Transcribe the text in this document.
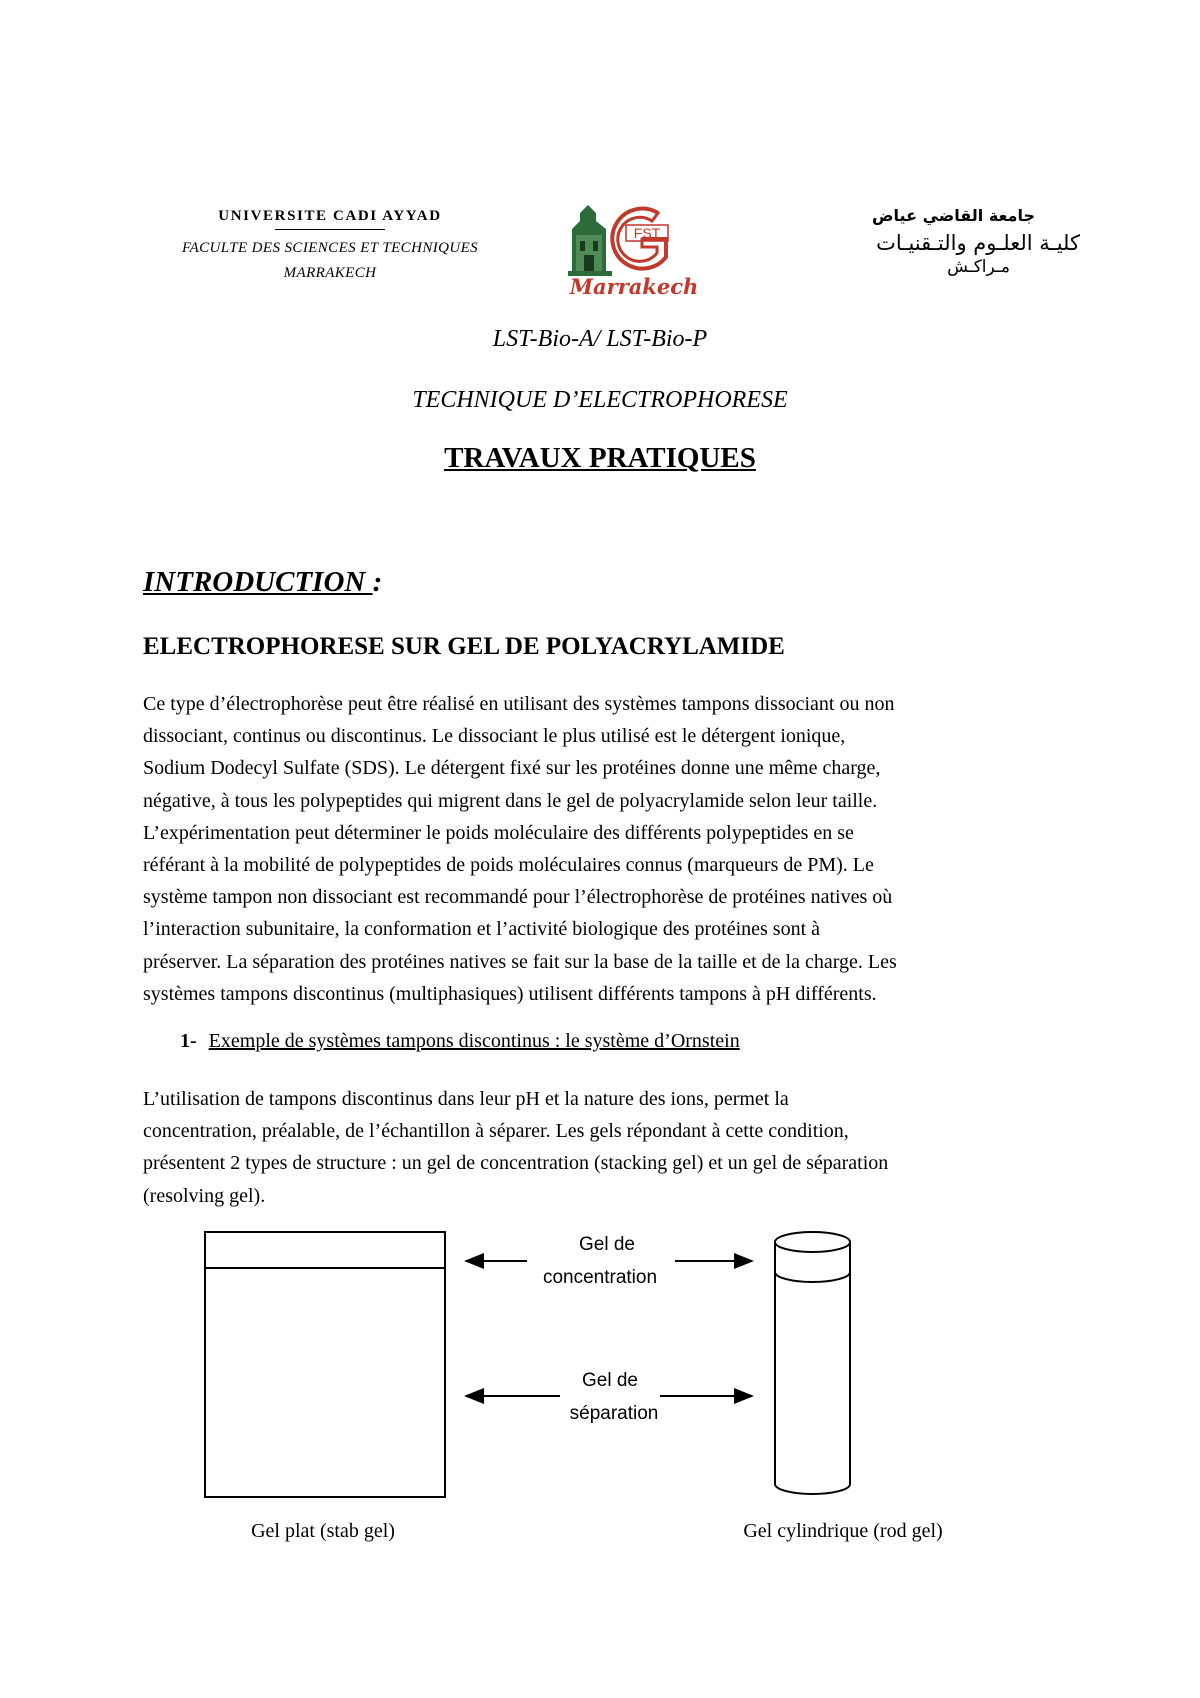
UNIVERSITE CADI AYYAD
FACULTE DES SCIENCES ET TECHNIQUES
MARRAKECH
FST
Marrakech
جامعة القاضي عياض
كليـة العلـوم والتـقنيـات
مـراكـش
LST-Bio-A/ LST-Bio-P
TECHNIQUE D’ELECTROPHORESE
TRAVAUX PRATIQUES
INTRODUCTION :
ELECTROPHORESE SUR GEL DE POLYACRYLAMIDE
Ce type d’électrophorèse peut être réalisé en utilisant des systèmes tampons dissociant ou non
dissociant, continus ou discontinus. Le dissociant le plus utilisé est le détergent ionique,
Sodium Dodecyl Sulfate (SDS). Le détergent fixé sur les protéines donne une même charge,
négative, à tous les polypeptides qui migrent dans le gel de polyacrylamide selon leur taille.
L’expérimentation peut déterminer le poids moléculaire des différents polypeptides en se
référant à la mobilité de polypeptides de poids moléculaires connus (marqueurs de PM). Le
système tampon non dissociant est recommandé pour l’électrophorèse de protéines natives où
l’interaction subunitaire, la conformation et l’activité biologique des protéines sont à
préserver. La séparation des protéines natives se fait sur la base de la taille et de la charge. Les
systèmes tampons discontinus (multiphasiques) utilisent différents tampons à pH différents.
1- Exemple de systèmes tampons discontinus : le système d’Ornstein
L’utilisation de tampons discontinus dans leur pH et la nature des ions, permet la
concentration, préalable, de l’échantillon à séparer. Les gels répondant à cette condition,
présentent 2 types de structure : un gel de concentration (stacking gel) et un gel de séparation
(resolving gel).
Gel de
concentration
Gel de
séparation
Gel plat (stab gel)	Gel cylindrique (rod gel)
